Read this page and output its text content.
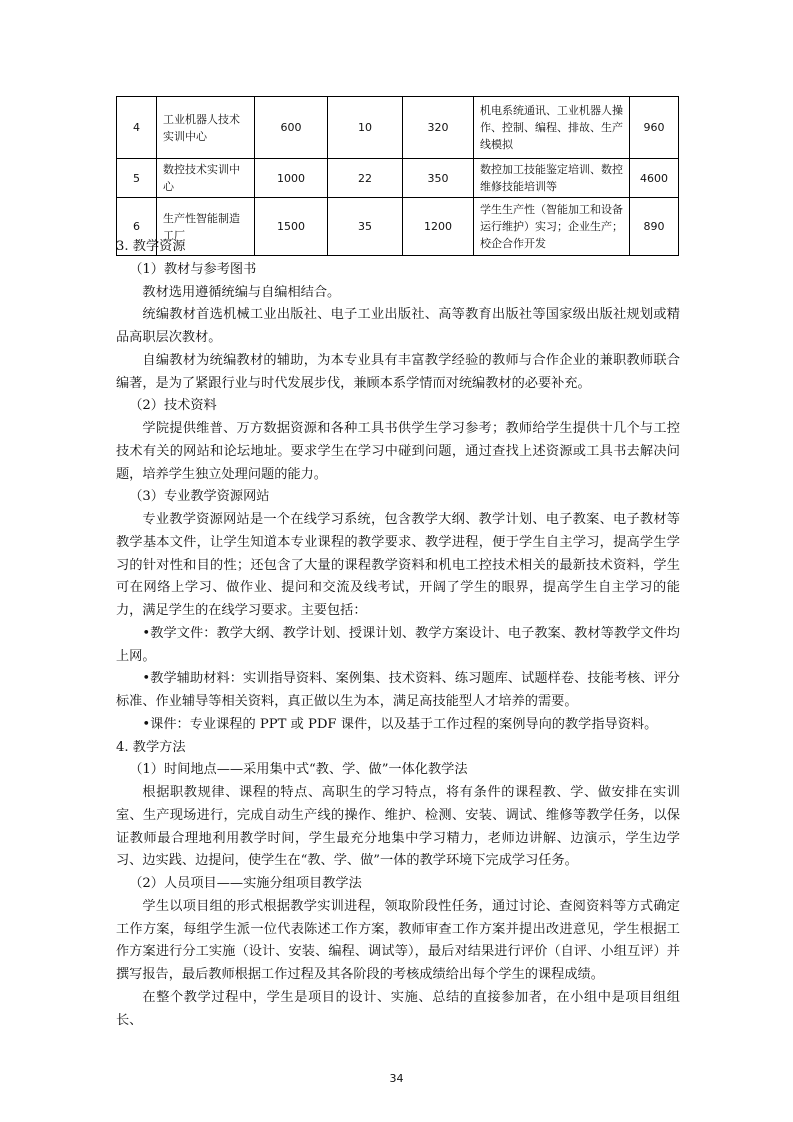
4	工业机器人技术实训中心	600	10	320	机电系统通讯、工业机器人操作、控制、编程、排故、生产线模拟	960
5	数控技术实训中心	1000	22	350	数控加工技能鉴定培训、数控维修技能培训等	4600
6	生产性智能制造工厂	1500	35	1200	学生生产性（智能加工和设备运行维护）实习；企业生产；校企合作开发	890

3. 教学资源

（1）教材与参考图书

教材选用遵循统编与自编相结合。

统编教材首选机械工业出版社、电子工业出版社、高等教育出版社等国家级出版社规划或精品高职层次教材。

自编教材为统编教材的辅助，为本专业具有丰富教学经验的教师与合作企业的兼职教师联合编著，是为了紧跟行业与时代发展步伐，兼顾本系学情而对统编教材的必要补充。

（2）技术资料

学院提供维普、万方数据资源和各种工具书供学生学习参考；教师给学生提供十几个与工控技术有关的网站和论坛地址。要求学生在学习中碰到问题，通过查找上述资源或工具书去解决问题，培养学生独立处理问题的能力。

（3）专业教学资源网站

专业教学资源网站是一个在线学习系统，包含教学大纲、教学计划、电子教案、电子教材等教学基本文件，让学生知道本专业课程的教学要求、教学进程，便于学生自主学习，提高学生学习的针对性和目的性；还包含了大量的课程教学资料和机电工控技术相关的最新技术资料，学生可在网络上学习、做作业、提问和交流及线考试，开阔了学生的眼界，提高学生自主学习的能力，满足学生的在线学习要求。主要包括：

•教学文件：教学大纲、教学计划、授课计划、教学方案设计、电子教案、教材等教学文件均上网。

•教学辅助材料：实训指导资料、案例集、技术资料、练习题库、试题样卷、技能考核、评分标准、作业辅导等相关资料，真正做以生为本，满足高技能型人才培养的需要。

•课件：专业课程的 PPT 或 PDF 课件，以及基于工作过程的案例导向的教学指导资料。

4. 教学方法

（1）时间地点——采用集中式“教、学、做”一体化教学法

根据职教规律、课程的特点、高职生的学习特点，将有条件的课程教、学、做安排在实训室、生产现场进行，完成自动生产线的操作、维护、检测、安装、调试、维修等教学任务，以保证教师最合理地利用教学时间，学生最充分地集中学习精力，老师边讲解、边演示，学生边学习、边实践、边提问，使学生在“教、学、做”一体的教学环境下完成学习任务。

（2）人员项目——实施分组项目教学法

学生以项目组的形式根据教学实训进程，领取阶段性任务，通过讨论、查阅资料等方式确定工作方案，每组学生派一位代表陈述工作方案，教师审查工作方案并提出改进意见，学生根据工作方案进行分工实施（设计、安装、编程、调试等），最后对结果进行评价（自评、小组互评）并撰写报告，最后教师根据工作过程及其各阶段的考核成绩给出每个学生的课程成绩。

在整个教学过程中，学生是项目的设计、实施、总结的直接参加者，在小组中是项目组组长、

34
